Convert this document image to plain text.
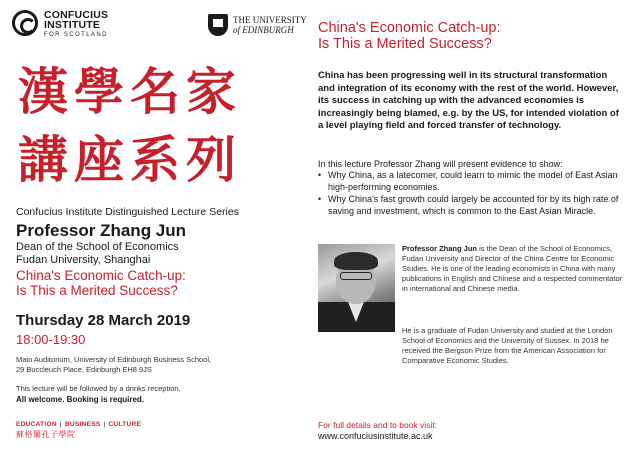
CONFUCIUS
INSTITUTE
FOR SCOTLAND
THE UNIVERSITY
of EDINBURGH
漢學名家講座系列
Confucius Institute Distinguished Lecture Series
Professor Zhang Jun
Dean of the School of Economics
Fudan University, Shanghai
China's Economic Catch-up:
Is This a Merited Success?
Thursday 28 March 2019
18:00-19:30
Main Auditorium, University of Edinburgh Business School,
29 Buccleuch Place, Edinburgh EH8 9JS
This lecture will be followed by a drinks reception.
All welcome. Booking is required.
EDUCATION | BUSINESS | CULTURE
蘇格蘭孔子學院
China's Economic Catch-up:
Is This a Merited Success?
China has been progressing well in its structural transformation and integration of its economy with the rest of the world. However, its success in catching up with the advanced economies is increasingly being blamed, e.g. by the US, for intended violation of a level playing field and forced transfer of technology.
In this lecture Professor Zhang will present evidence to show:
• Why China, as a latecomer, could learn to mimic the model of East Asian high-performing economies.
• Why China's fast growth could largely be accounted for by its high rate of saving and investment, which is common to the East Asian Miracle.
Professor Zhang Jun is the Dean of the School of Economics, Fudan University and Director of the China Centre for Economic Studies. He is one of the leading economists in China with many publications in English and Chinese and a respected commentator in international and Chinese media.
He is a graduate of Fudan University and studied at the London School of Economics and the University of Sussex. In 2018 he received the Bergson Prize from the American Association for Comparative Economic Studies.
For full details and to book visit:
www.confuciusinstitute.ac.uk
